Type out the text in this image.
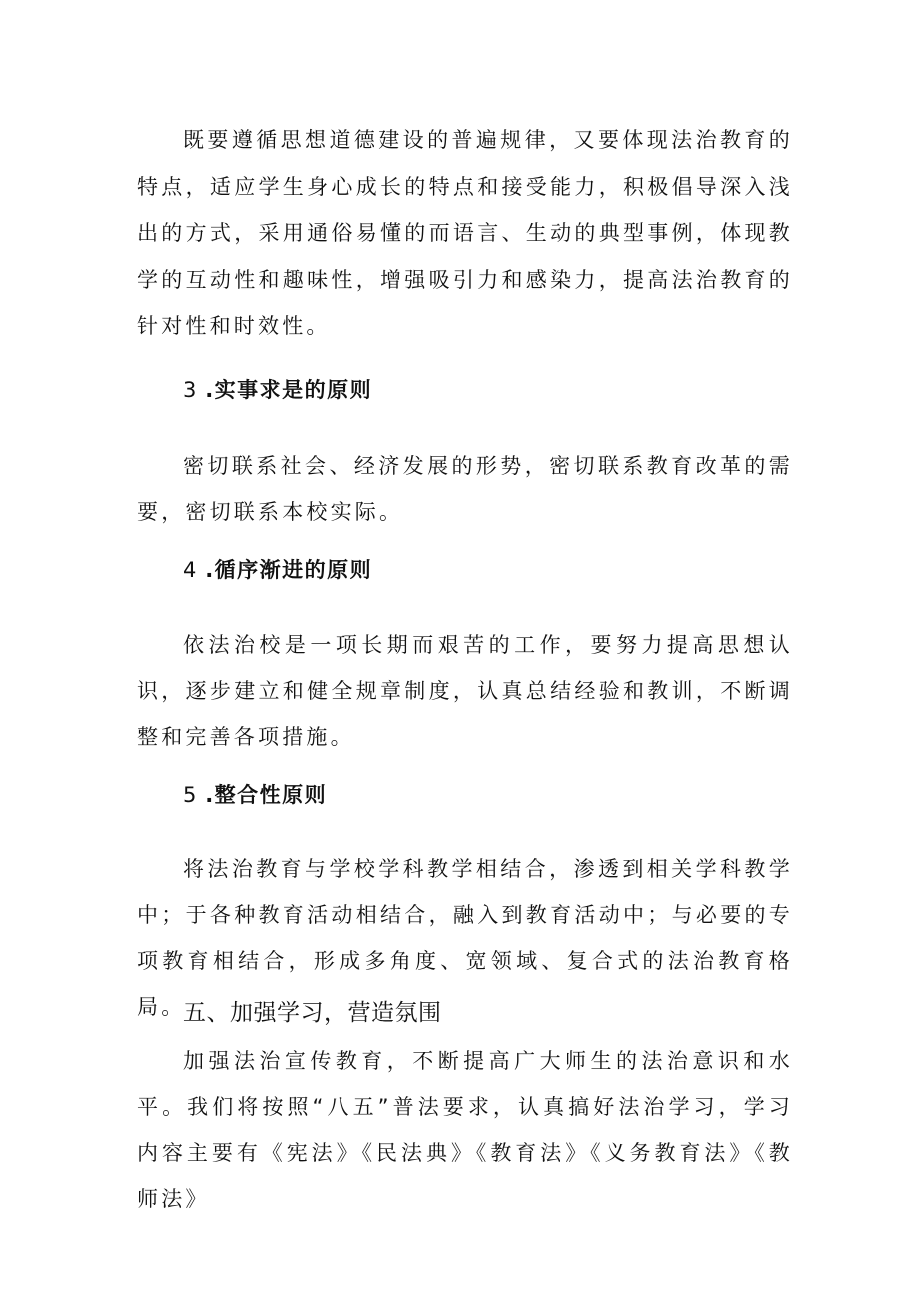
既要遵循思想道德建设的普遍规律，又要体现法治教育的特点，适应学生身心成长的特点和接受能力，积极倡导深入浅出的方式，采用通俗易懂的而语言、生动的典型事例，体现教学的互动性和趣味性，增强吸引力和感染力，提高法治教育的针对性和时效性。

3 .实事求是的原则

密切联系社会、经济发展的形势，密切联系教育改革的需要，密切联系本校实际。

4 .循序渐进的原则

依法治校是一项长期而艰苦的工作，要努力提高思想认识，逐步建立和健全规章制度，认真总结经验和教训，不断调整和完善各项措施。

5 .整合性原则

将法治教育与学校学科教学相结合，渗透到相关学科教学中；于各种教育活动相结合，融入到教育活动中；与必要的专项教育相结合，形成多角度、宽领域、复合式的法治教育格局。

五、加强学习，营造氛围

加强法治宣传教育，不断提高广大师生的法治意识和水平。我们将按照“八五”普法要求，认真搞好法治学习，学习内容主要有《宪法》《民法典》《教育法》《义务教育法》《教师法》
